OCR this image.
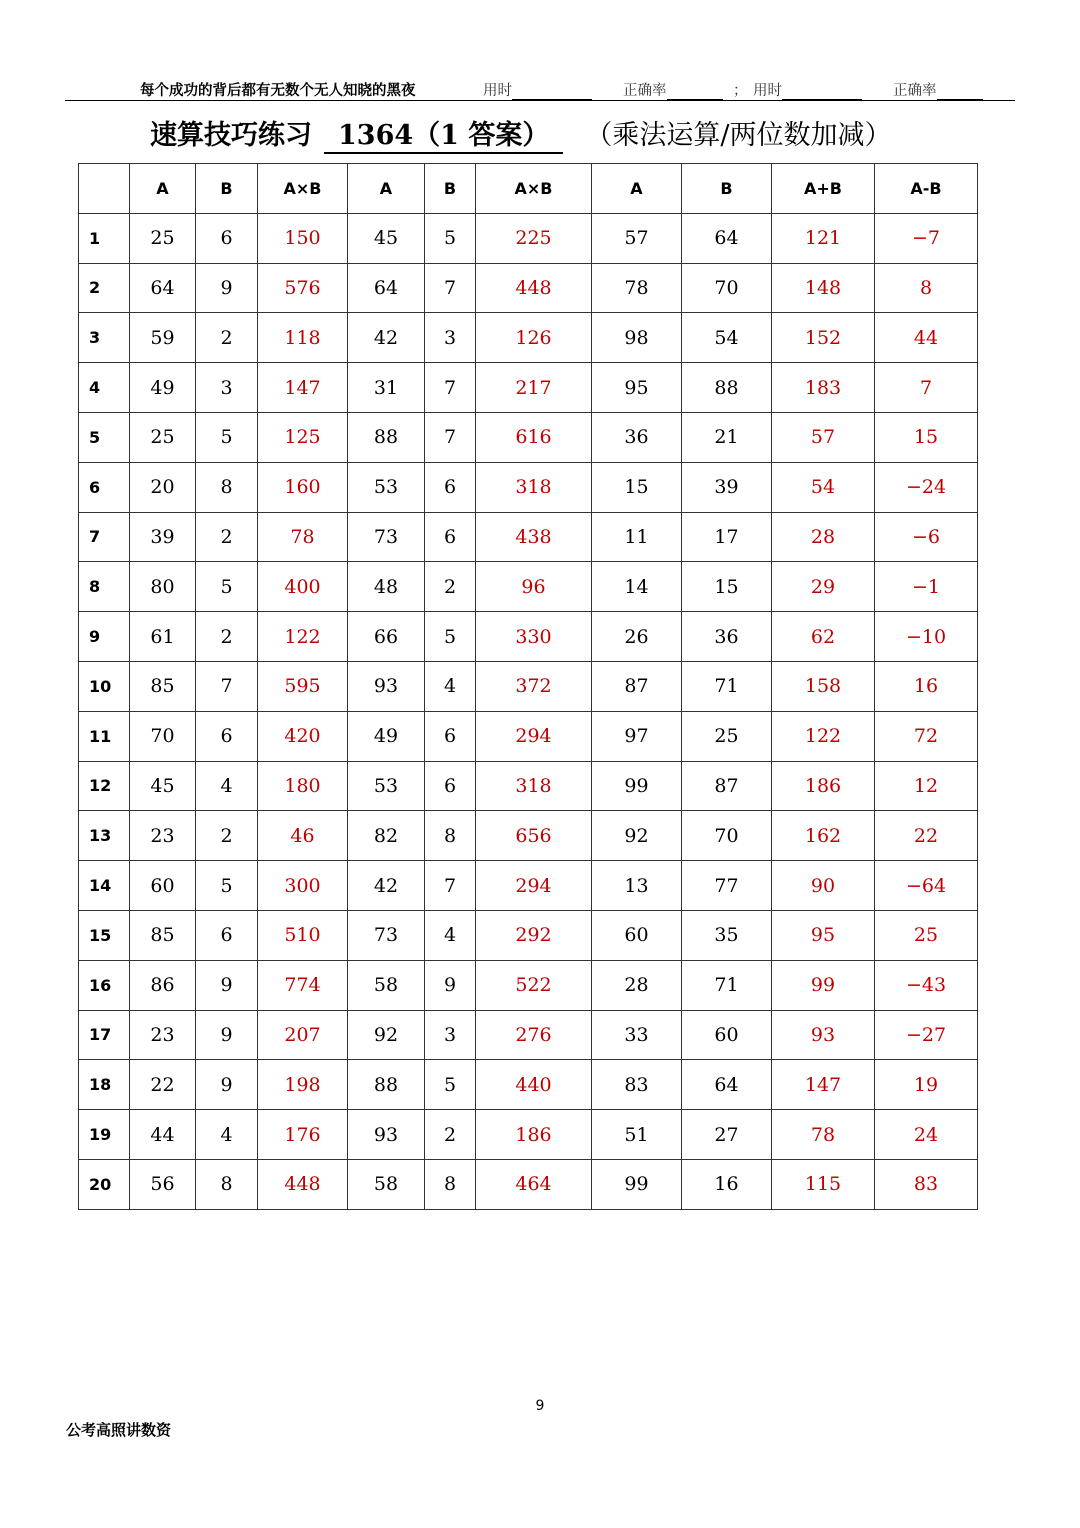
每个成功的背后都有无数个无人知晓的黑夜	用时	正确率	； 用时	正确率
速算技巧练习 1364（1 答案） （乘法运算/两位数加减）
	A	B	A×B	A	B	A×B	A	B	A+B	A-B
1	25	6	150	45	5	225	57	64	121	−7
2	64	9	576	64	7	448	78	70	148	8
3	59	2	118	42	3	126	98	54	152	44
4	49	3	147	31	7	217	95	88	183	7
5	25	5	125	88	7	616	36	21	57	15
6	20	8	160	53	6	318	15	39	54	−24
7	39	2	78	73	6	438	11	17	28	−6
8	80	5	400	48	2	96	14	15	29	−1
9	61	2	122	66	5	330	26	36	62	−10
10	85	7	595	93	4	372	87	71	158	16
11	70	6	420	49	6	294	97	25	122	72
12	45	4	180	53	6	318	99	87	186	12
13	23	2	46	82	8	656	92	70	162	22
14	60	5	300	42	7	294	13	77	90	−64
15	85	6	510	73	4	292	60	35	95	25
16	86	9	774	58	9	522	28	71	99	−43
17	23	9	207	92	3	276	33	60	93	−27
18	22	9	198	88	5	440	83	64	147	19
19	44	4	176	93	2	186	51	27	78	24
20	56	8	448	58	8	464	99	16	115	83
9
公考高照讲数资
